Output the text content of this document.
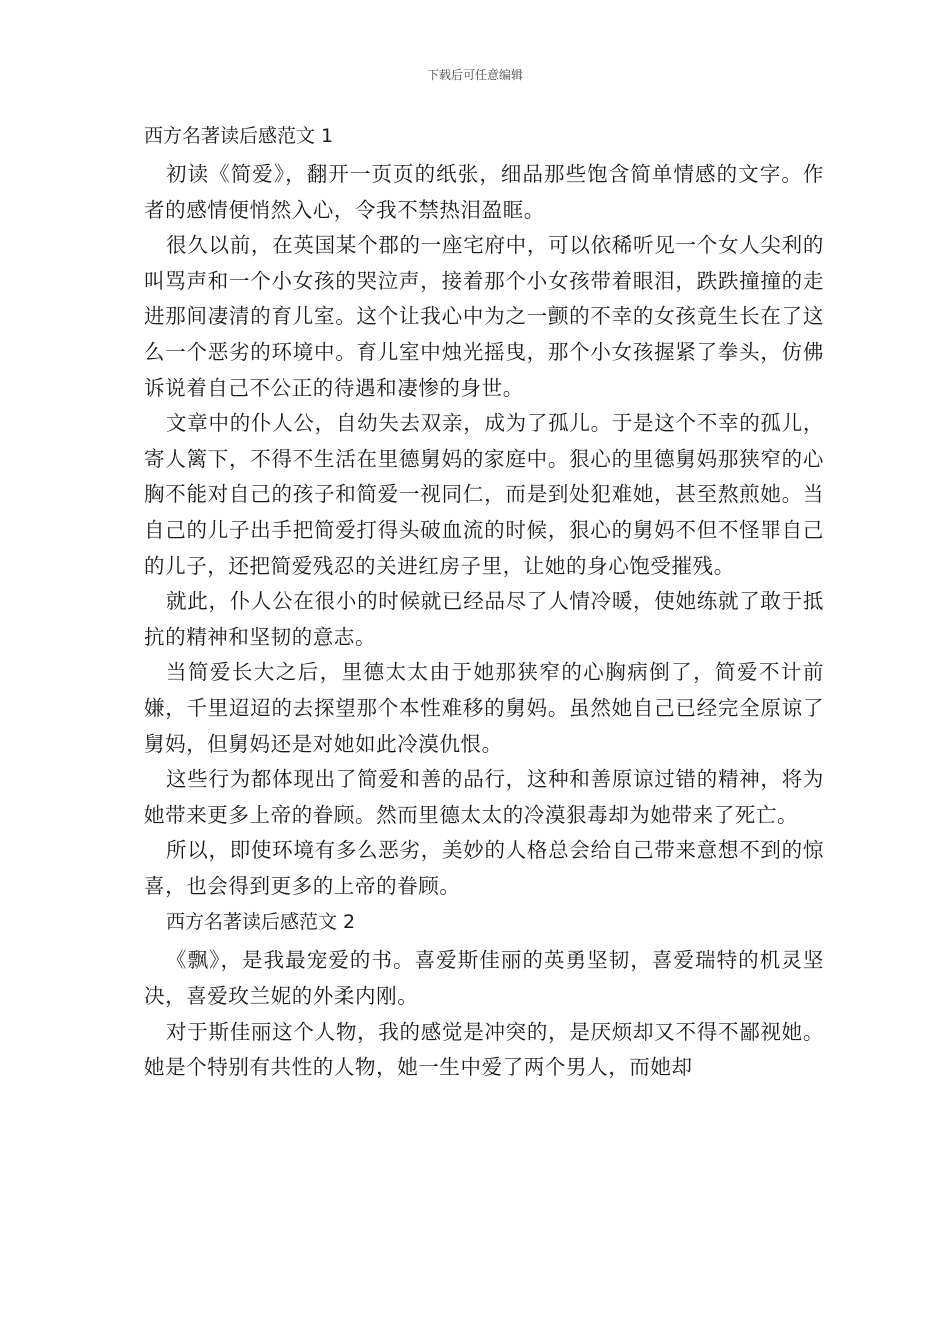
下载后可任意编辑
西方名著读后感范文 1

初读《简爱》，翻开一页页的纸张，细品那些饱含简单情感的文字。作者的感情便悄然入心，令我不禁热泪盈眶。

很久以前，在英国某个郡的一座宅府中，可以依稀听见一个女人尖利的叫骂声和一个小女孩的哭泣声，接着那个小女孩带着眼泪，跌跌撞撞的走进那间凄清的育儿室。这个让我心中为之一颤的不幸的女孩竟生长在了这么一个恶劣的环境中。育儿室中烛光摇曳，那个小女孩握紧了拳头，仿佛诉说着自己不公正的待遇和凄惨的身世。

文章中的仆人公，自幼失去双亲，成为了孤儿。于是这个不幸的孤儿，寄人篱下，不得不生活在里德舅妈的家庭中。狠心的里德舅妈那狭窄的心胸不能对自己的孩子和简爱一视同仁，而是到处犯难她，甚至熬煎她。当自己的儿子出手把简爱打得头破血流的时候，狠心的舅妈不但不怪罪自己的儿子，还把简爱残忍的关进红房子里，让她的身心饱受摧残。

就此，仆人公在很小的时候就已经品尽了人情冷暖，使她练就了敢于抵抗的精神和坚韧的意志。

当简爱长大之后，里德太太由于她那狭窄的心胸病倒了，简爱不计前嫌，千里迢迢的去探望那个本性难移的舅妈。虽然她自己已经完全原谅了舅妈，但舅妈还是对她如此冷漠仇恨。

这些行为都体现出了简爱和善的品行，这种和善原谅过错的精神，将为她带来更多上帝的眷顾。然而里德太太的冷漠狠毒却为她带来了死亡。

所以，即使环境有多么恶劣，美妙的人格总会给自己带来意想不到的惊喜，也会得到更多的上帝的眷顾。

西方名著读后感范文 2

《飘》，是我最宠爱的书。喜爱斯佳丽的英勇坚韧，喜爱瑞特的机灵坚决，喜爱玫兰妮的外柔内刚。

对于斯佳丽这个人物，我的感觉是冲突的，是厌烦却又不得不鄙视她。她是个特别有共性的人物，她一生中爱了两个男人，而她却
